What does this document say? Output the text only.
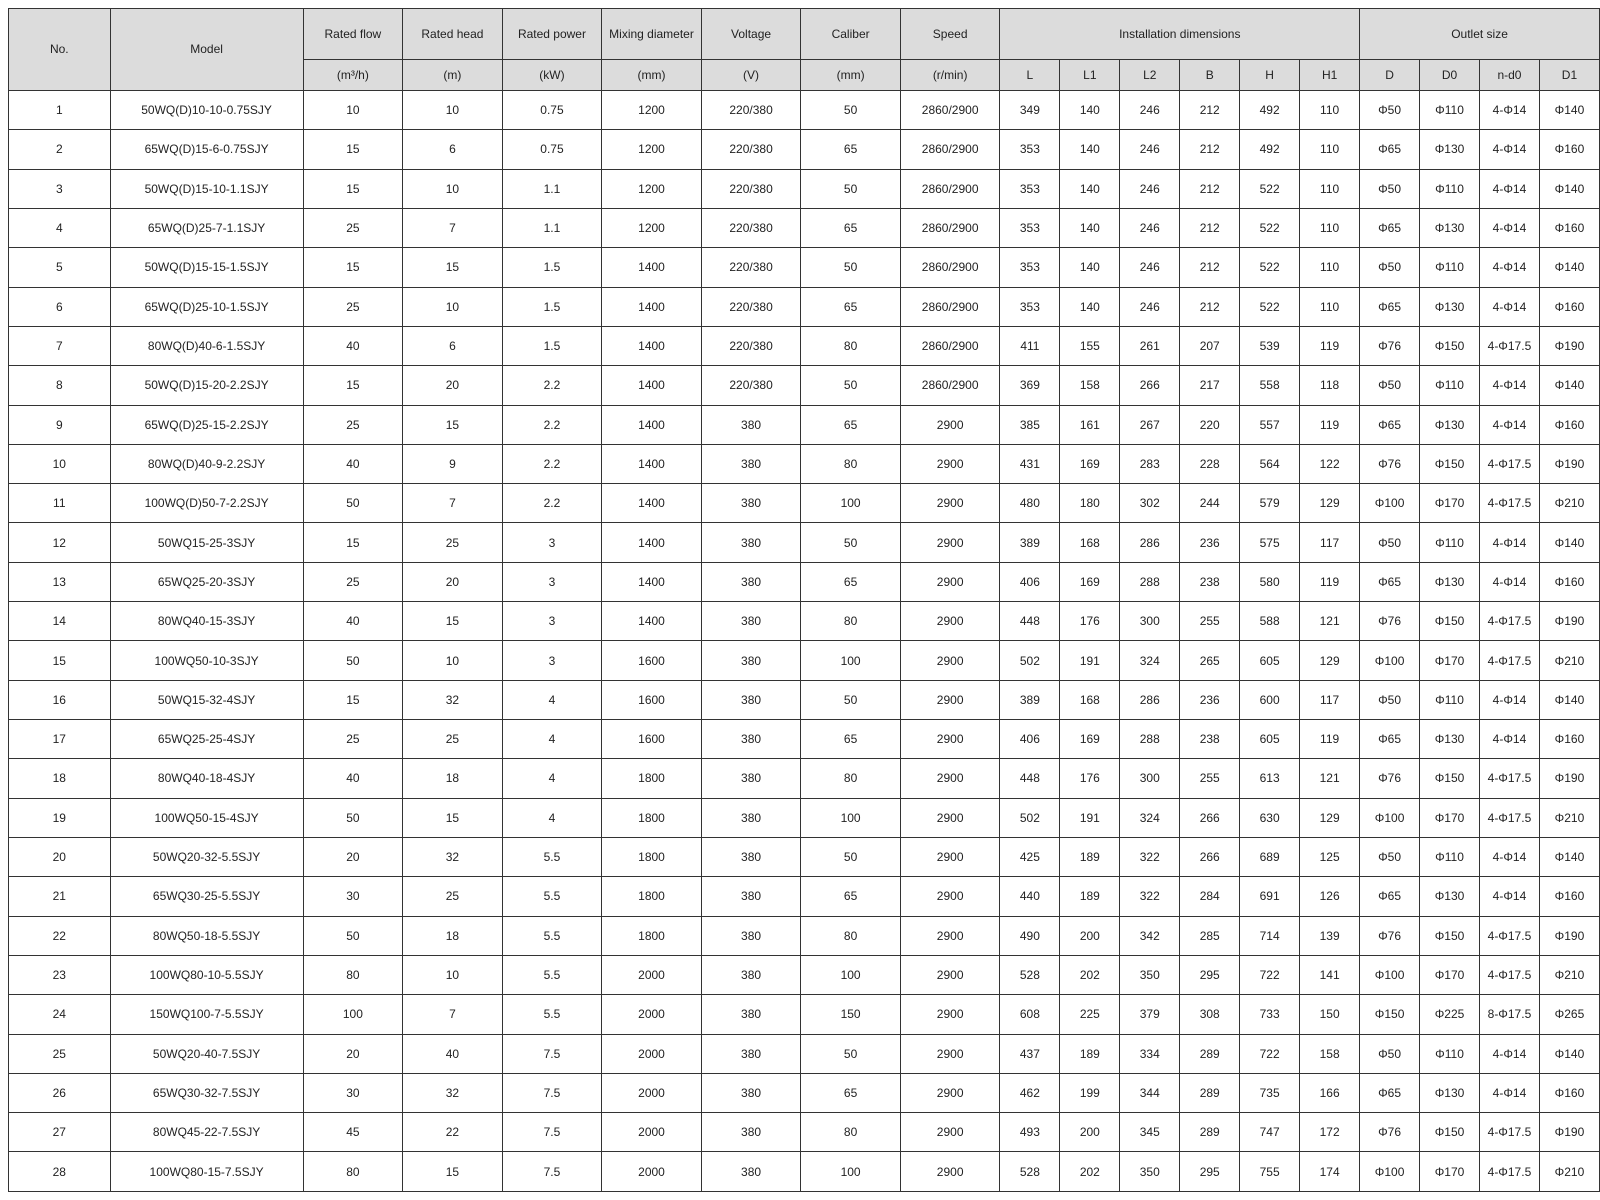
No.	Model	Rated flow	Rated head	Rated power	Mixing diameter	Voltage	Caliber	Speed	Installation dimensions						Outlet size			
		(m³/h)	(m)	(kW)	(mm)	(V)	(mm)	(r/min)	L	L1	L2	B	H	H1	D	D0	n-d0	D1
1	50WQ(D)10-10-0.75SJY	10	10	0.75	1200	220/380	50	2860/2900	349	140	246	212	492	110	Φ50	Φ110	4-Φ14	Φ140
2	65WQ(D)15-6-0.75SJY	15	6	0.75	1200	220/380	65	2860/2900	353	140	246	212	492	110	Φ65	Φ130	4-Φ14	Φ160
3	50WQ(D)15-10-1.1SJY	15	10	1.1	1200	220/380	50	2860/2900	353	140	246	212	522	110	Φ50	Φ110	4-Φ14	Φ140
4	65WQ(D)25-7-1.1SJY	25	7	1.1	1200	220/380	65	2860/2900	353	140	246	212	522	110	Φ65	Φ130	4-Φ14	Φ160
5	50WQ(D)15-15-1.5SJY	15	15	1.5	1400	220/380	50	2860/2900	353	140	246	212	522	110	Φ50	Φ110	4-Φ14	Φ140
6	65WQ(D)25-10-1.5SJY	25	10	1.5	1400	220/380	65	2860/2900	353	140	246	212	522	110	Φ65	Φ130	4-Φ14	Φ160
7	80WQ(D)40-6-1.5SJY	40	6	1.5	1400	220/380	80	2860/2900	411	155	261	207	539	119	Φ76	Φ150	4-Φ17.5	Φ190
8	50WQ(D)15-20-2.2SJY	15	20	2.2	1400	220/380	50	2860/2900	369	158	266	217	558	118	Φ50	Φ110	4-Φ14	Φ140
9	65WQ(D)25-15-2.2SJY	25	15	2.2	1400	380	65	2900	385	161	267	220	557	119	Φ65	Φ130	4-Φ14	Φ160
10	80WQ(D)40-9-2.2SJY	40	9	2.2	1400	380	80	2900	431	169	283	228	564	122	Φ76	Φ150	4-Φ17.5	Φ190
11	100WQ(D)50-7-2.2SJY	50	7	2.2	1400	380	100	2900	480	180	302	244	579	129	Φ100	Φ170	4-Φ17.5	Φ210
12	50WQ15-25-3SJY	15	25	3	1400	380	50	2900	389	168	286	236	575	117	Φ50	Φ110	4-Φ14	Φ140
13	65WQ25-20-3SJY	25	20	3	1400	380	65	2900	406	169	288	238	580	119	Φ65	Φ130	4-Φ14	Φ160
14	80WQ40-15-3SJY	40	15	3	1400	380	80	2900	448	176	300	255	588	121	Φ76	Φ150	4-Φ17.5	Φ190
15	100WQ50-10-3SJY	50	10	3	1600	380	100	2900	502	191	324	265	605	129	Φ100	Φ170	4-Φ17.5	Φ210
16	50WQ15-32-4SJY	15	32	4	1600	380	50	2900	389	168	286	236	600	117	Φ50	Φ110	4-Φ14	Φ140
17	65WQ25-25-4SJY	25	25	4	1600	380	65	2900	406	169	288	238	605	119	Φ65	Φ130	4-Φ14	Φ160
18	80WQ40-18-4SJY	40	18	4	1800	380	80	2900	448	176	300	255	613	121	Φ76	Φ150	4-Φ17.5	Φ190
19	100WQ50-15-4SJY	50	15	4	1800	380	100	2900	502	191	324	266	630	129	Φ100	Φ170	4-Φ17.5	Φ210
20	50WQ20-32-5.5SJY	20	32	5.5	1800	380	50	2900	425	189	322	266	689	125	Φ50	Φ110	4-Φ14	Φ140
21	65WQ30-25-5.5SJY	30	25	5.5	1800	380	65	2900	440	189	322	284	691	126	Φ65	Φ130	4-Φ14	Φ160
22	80WQ50-18-5.5SJY	50	18	5.5	1800	380	80	2900	490	200	342	285	714	139	Φ76	Φ150	4-Φ17.5	Φ190
23	100WQ80-10-5.5SJY	80	10	5.5	2000	380	100	2900	528	202	350	295	722	141	Φ100	Φ170	4-Φ17.5	Φ210
24	150WQ100-7-5.5SJY	100	7	5.5	2000	380	150	2900	608	225	379	308	733	150	Φ150	Φ225	8-Φ17.5	Φ265
25	50WQ20-40-7.5SJY	20	40	7.5	2000	380	50	2900	437	189	334	289	722	158	Φ50	Φ110	4-Φ14	Φ140
26	65WQ30-32-7.5SJY	30	32	7.5	2000	380	65	2900	462	199	344	289	735	166	Φ65	Φ130	4-Φ14	Φ160
27	80WQ45-22-7.5SJY	45	22	7.5	2000	380	80	2900	493	200	345	289	747	172	Φ76	Φ150	4-Φ17.5	Φ190
28	100WQ80-15-7.5SJY	80	15	7.5	2000	380	100	2900	528	202	350	295	755	174	Φ100	Φ170	4-Φ17.5	Φ210
